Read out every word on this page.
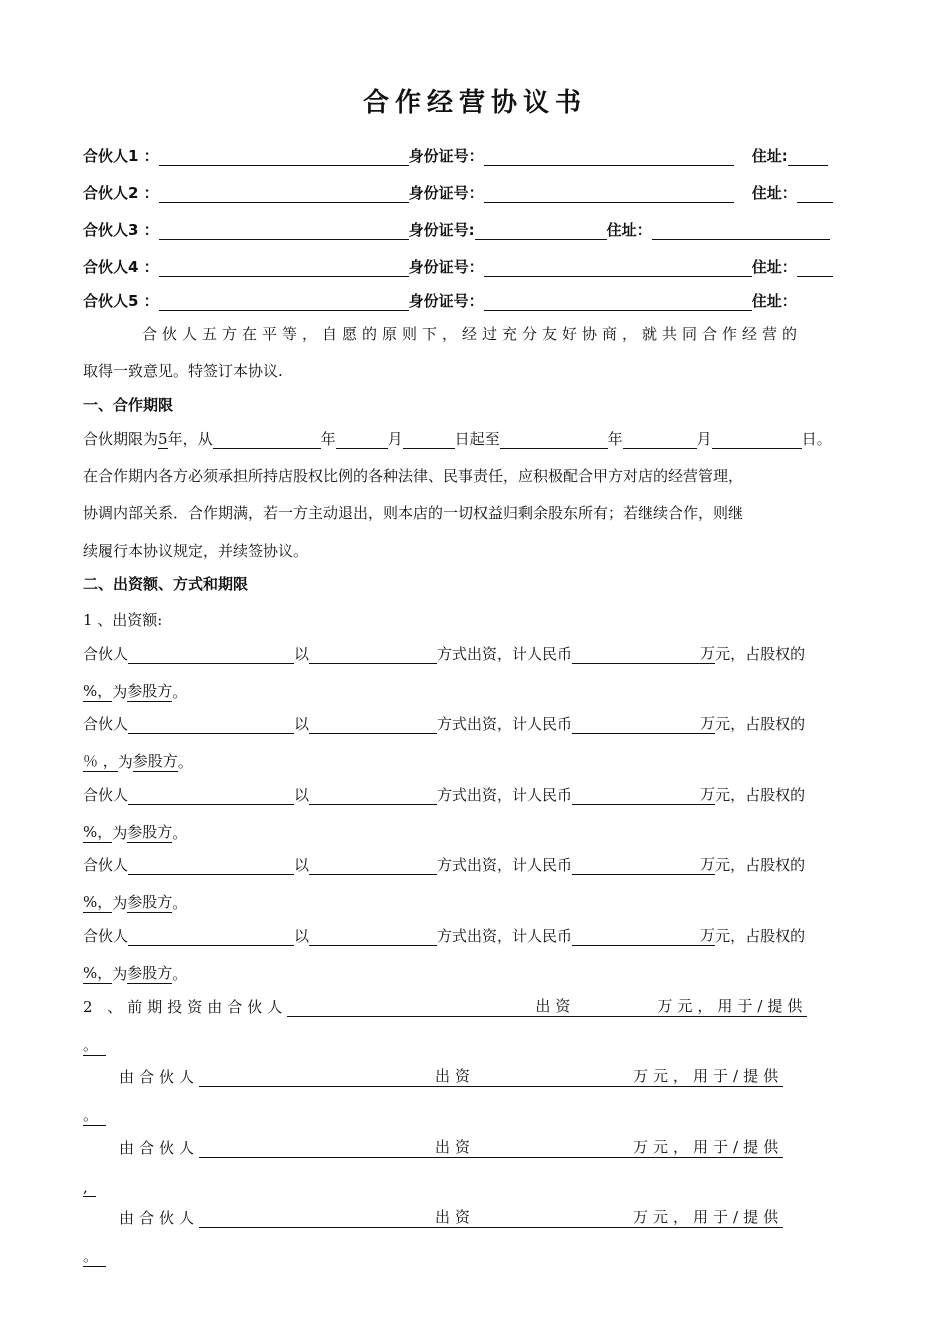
合作经营协议书
合伙人1 ：	身份证号：	住址:
合伙人2 ：	身份证号：	住址：
合伙人3 ：	身份证号:	住址：
合伙人4 ：	身份证号：	住址：
合伙人5 ：	身份证号：	住址：
合伙人五方在平等，自愿的原则下，经过充分友好协商，就共同合作经营的
取得一致意见。特签订本协议.
一、合作期限
合伙期限为 5 年，从	年	月	日起至	年	月	日。
在合作期内各方必须承担所持店股权比例的各种法律、民事责任，应积极配合甲方对店的经营管理，
协调内部关系．合作期满，若一方主动退出，则本店的一切权益归剩余股东所有；若继续合作，则继
续履行本协议规定，并续签协议。
二、出资额、方式和期限
1 、出资额:
合伙人	以	方式出资，计人民币	万 元，占股权的
%， 为 参股方 。
合伙人	以	方式出资，计人民币	万 元，占股权的
％ ， 为 参股方 。
合伙人	以	方式出资，计人民币	万 元，占股权的
%， 为 参股方 。
合伙人	以	方式出资，计人民币	万 元，占股权的
%， 为 参股方 。
合伙人	以	方式出资，计人民币	万 元，占股权的
%， 为 参股方 。
2 、前期投资由合伙人	出资	万元，用于/提供
。
由合伙人	出资	万元，用于/提供
。
由合伙人	出资	万元，用于/提供
,
由合伙人	出资	万元，用于/提供
。
